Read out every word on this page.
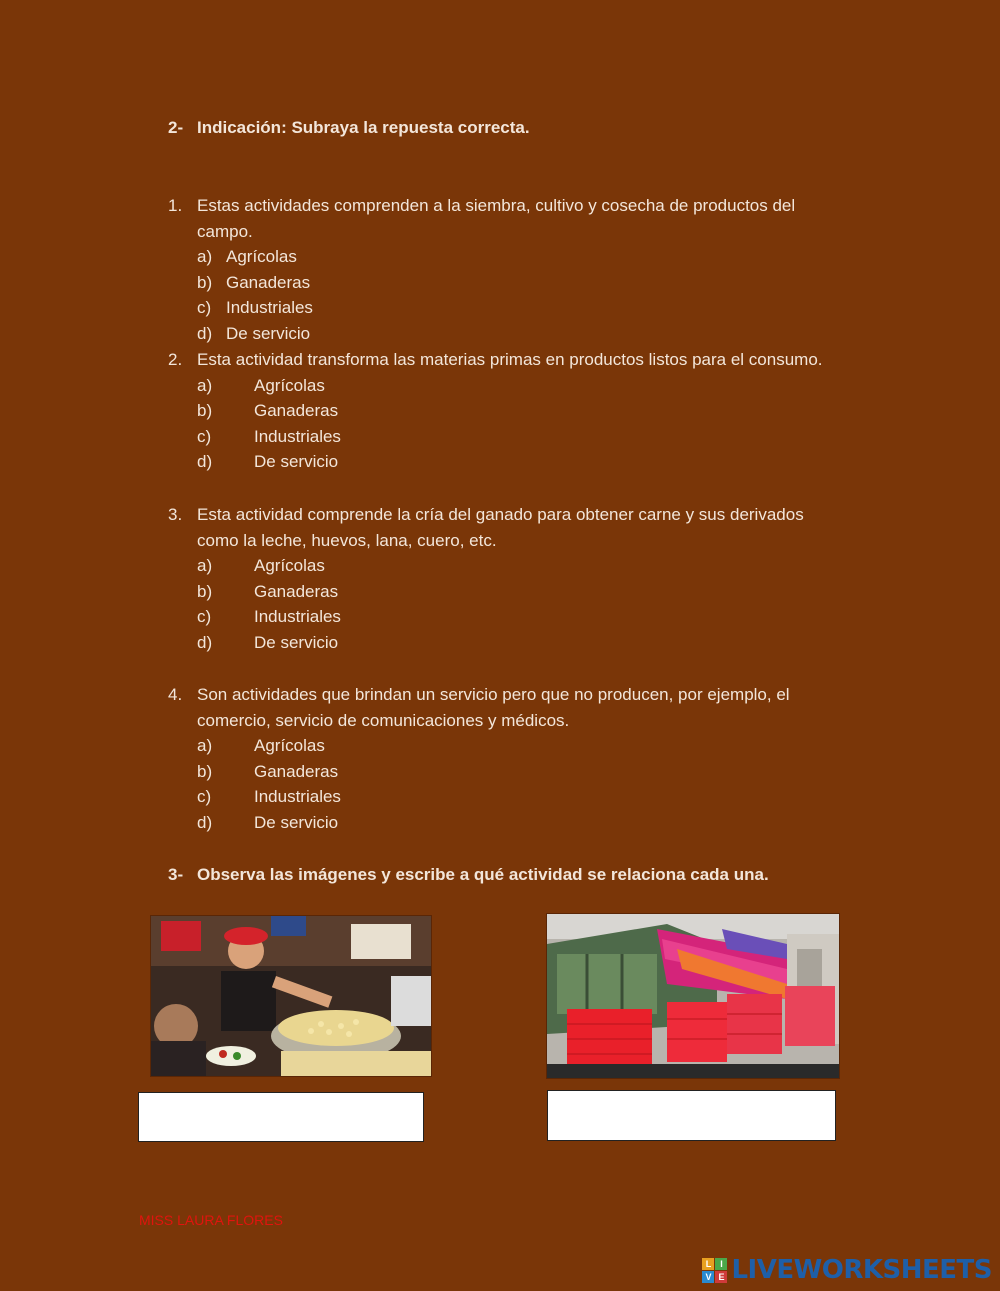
2- Indicación: Subraya la repuesta correcta.
1. Estas actividades comprenden a la siembra, cultivo y cosecha de productos del
campo.
a) Agrícolas
b) Ganaderas
c) Industriales
d) De servicio
2. Esta actividad transforma las materias primas en productos listos para el consumo.
a) Agrícolas
b) Ganaderas
c)	Industriales
d) De servicio
3. Esta actividad comprende la cría del ganado para obtener carne y sus derivados
como la leche, huevos, lana, cuero, etc.
a) Agrícolas
b) Ganaderas
c)	Industriales
d) De servicio
4. Son actividades que brindan un servicio pero que no producen, por ejemplo, el
comercio, servicio de comunicaciones y médicos.
a) Agrícolas
b) Ganaderas
c)	Industriales
d) De servicio
3- Observa las imágenes y escribe a qué actividad se relaciona cada una.
MISS LAURA FLORES
L I
V E LIVEWORKSHEETS
